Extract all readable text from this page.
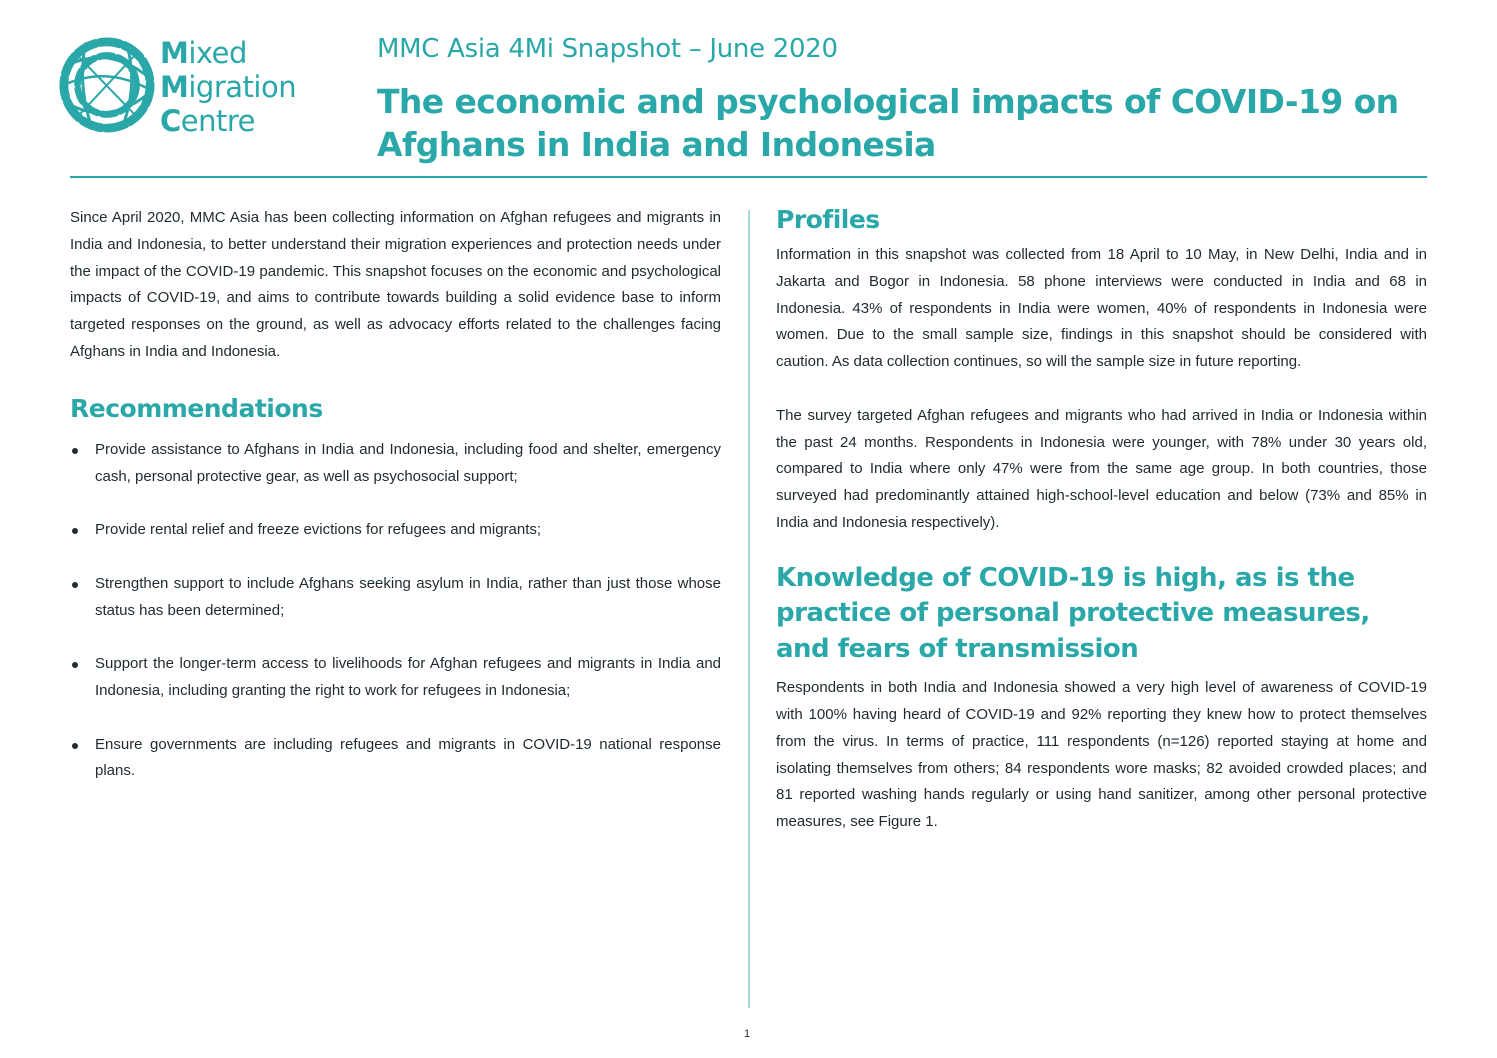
Mixed
Migration
Centre
MMC Asia 4Mi Snapshot – June 2020
The economic and psychological impacts of COVID-19 on Afghans in India and Indonesia

Since April 2020, MMC Asia has been collecting information on Afghan refugees and migrants in India and Indonesia, to better understand their migration experiences and protection needs under the impact of the COVID-19 pandemic. This snapshot focuses on the economic and psychological impacts of COVID-19, and aims to contribute towards building a solid evidence base to inform targeted responses on the ground, as well as advocacy efforts related to the challenges facing Afghans in India and Indonesia.

Recommendations
Provide assistance to Afghans in India and Indonesia, including food and shelter, emergency cash, personal protective gear, as well as psychosocial support;
Provide rental relief and freeze evictions for refugees and migrants;
Strengthen support to include Afghans seeking asylum in India, rather than just those whose status has been determined;
Support the longer-term access to livelihoods for Afghan refugees and migrants in India and Indonesia, including granting the right to work for refugees in Indonesia;
Ensure governments are including refugees and migrants in COVID-19 national response plans.
Profiles

Information in this snapshot was collected from 18 April to 10 May, in New Delhi, India and in Jakarta and Bogor in Indonesia. 58 phone interviews were conducted in India and 68 in Indonesia. 43% of respondents in India were women, 40% of respondents in Indonesia were women. Due to the small sample size, findings in this snapshot should be considered with caution. As data collection continues, so will the sample size in future reporting.

The survey targeted Afghan refugees and migrants who had arrived in India or Indonesia within the past 24 months. Respondents in Indonesia were younger, with 78% under 30 years old, compared to India where only 47% were from the same age group. In both countries, those surveyed had predominantly attained high-school-level education and below (73% and 85% in India and Indonesia respectively).

Knowledge of COVID-19 is high, as is the practice of personal protective measures, and fears of transmission

Respondents in both India and Indonesia showed a very high level of awareness of COVID-19 with 100% having heard of COVID-19 and 92% reporting they knew how to protect themselves from the virus. In terms of practice, 111 respondents (n=126) reported staying at home and isolating themselves from others; 84 respondents wore masks; 82 avoided crowded places; and 81 reported washing hands regularly or using hand sanitizer, among other personal protective measures, see Figure 1.

1
